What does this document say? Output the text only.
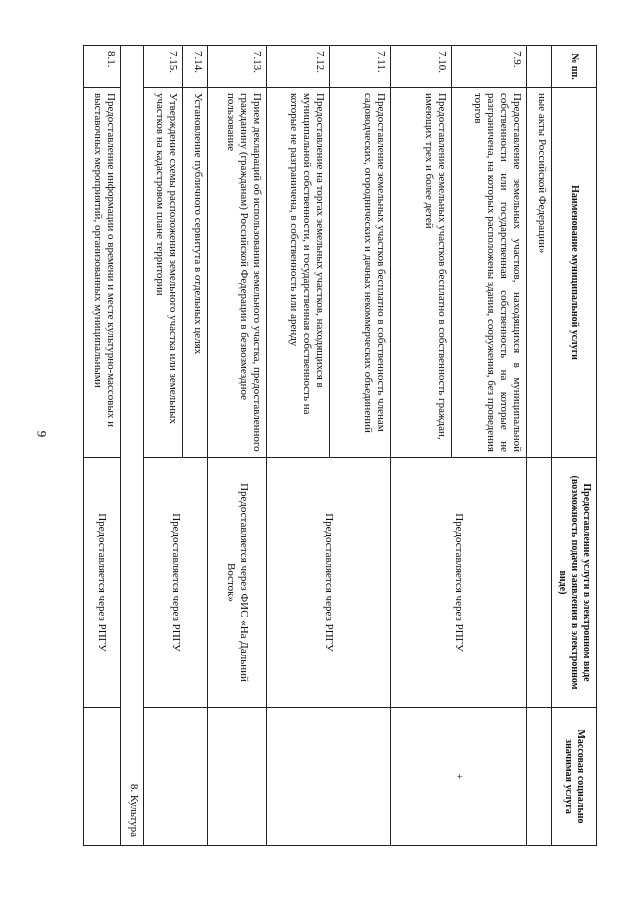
9
№ пп.	Наименование муниципальной услуги	Предоставление услуги в электронном виде (возможность подачи заявления в электронном виде)	Массовая социально значимая услуга
	ные акты Российской Федерации»		
7.9.	Предоставление земельных участков, находящихся в муниципальной собственности или государственная собственность на которые не разграничена, на которых расположены здания, сооружения, без проведения торгов	Предоставляется через РПГУ	+
7.10.	Предоставление земельных участков бесплатно в собственность граждан, имеющих трех и более детей		
7.11.	Предоставление земельных участков бесплатно в собственность членам садоводческих, огороднических и дачных некоммерческих объединений	Предоставляется через РПГУ	
7.12.	Предоставление на торгах земельных участков, находящихся в муниципальной собственности, и государственная собственность на которые не разграничена, в собственность или аренду		
7.13.	Прием деклараций об использовании земельного участка, предоставленного гражданину (гражданам) Российской Федерации в безвозмездное пользование	Предоставляется через ФИС «На Дальний Восток»	
7.14.	Установление публичного сервитута в отдельных целях	Предоставляется через РПГУ	
7.15.	Утверждение схемы расположения земельного участка или земельных участков на кадастровом плане территории		
8. Культура			
8.1.	Предоставление информации о времени и месте культурно-массовых и выставочных мероприятий, организованных муниципальными	Предоставляется через РПГУ	
